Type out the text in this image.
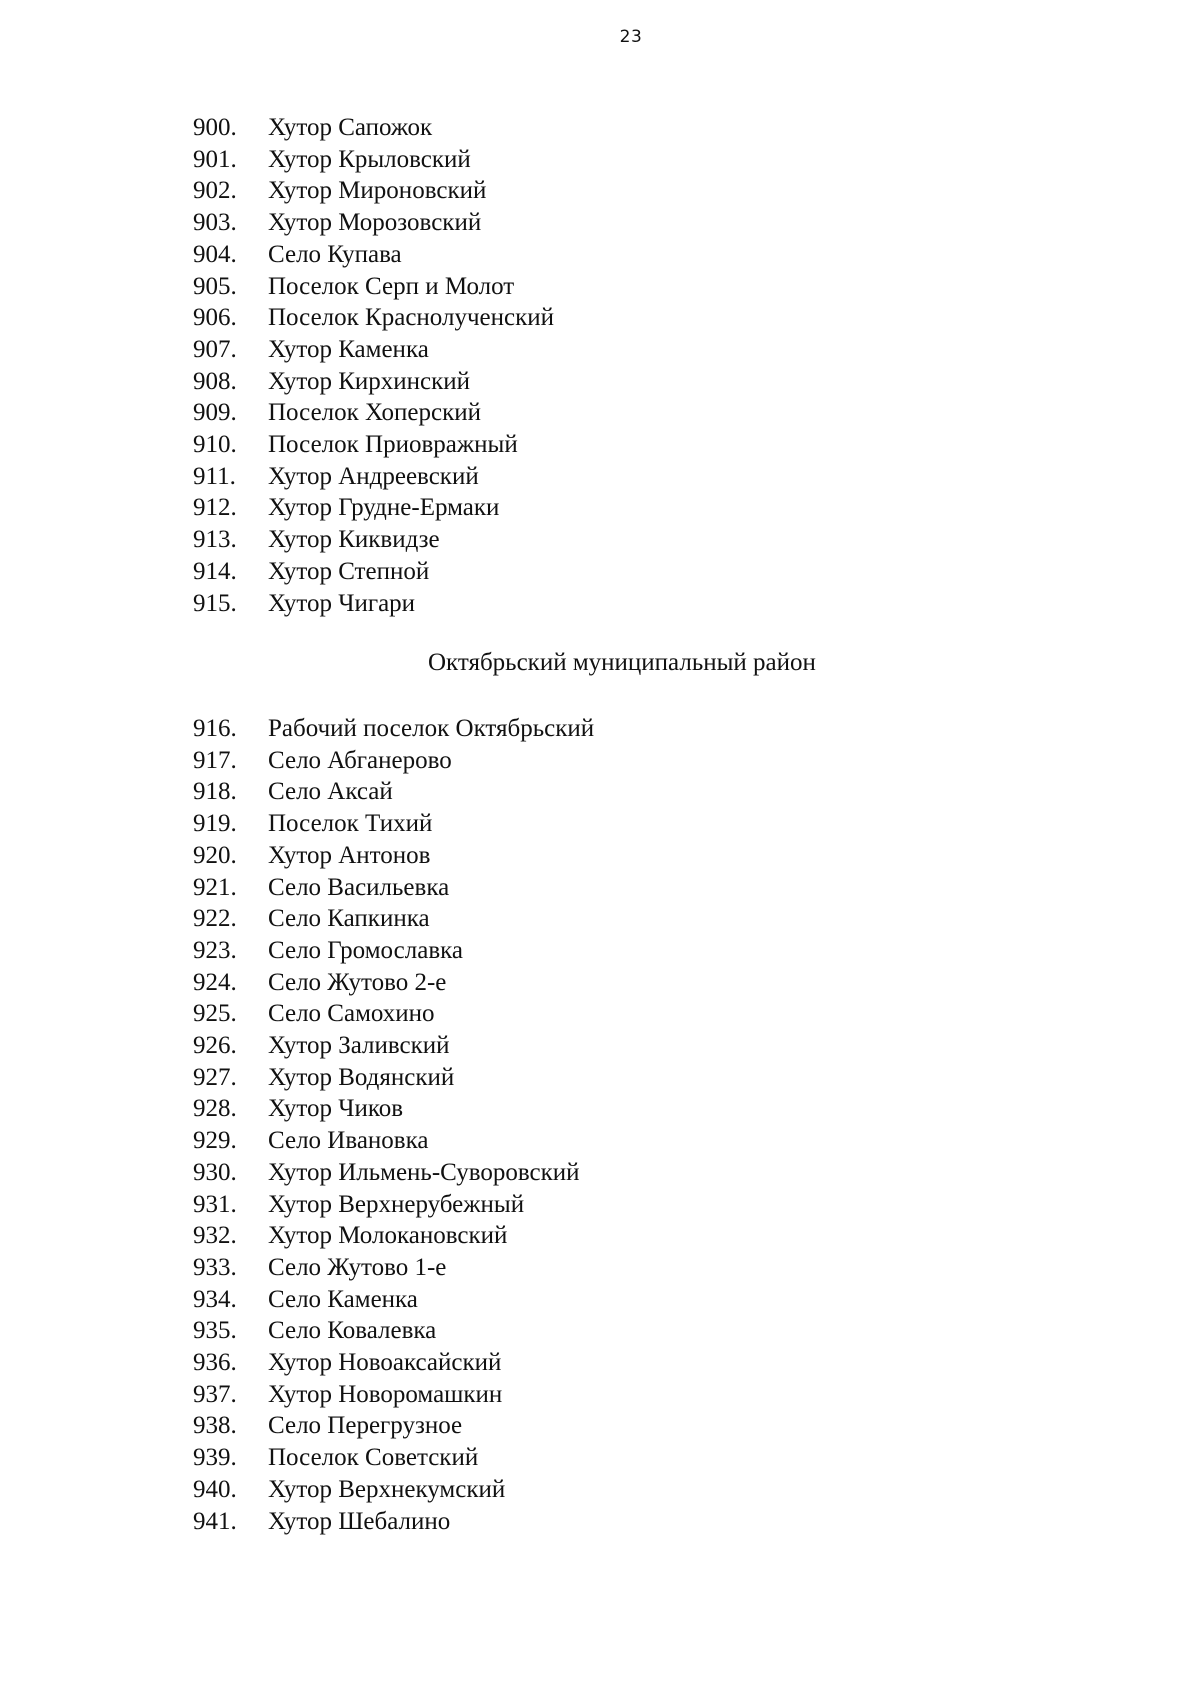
23
900.	Хутор Сапожок
901.	Хутор Крыловский
902.	Хутор Мироновский
903.	Хутор Морозовский
904.	Село Купава
905.	Поселок Серп и Молот
906.	Поселок Краснолученский
907.	Хутор Каменка
908.	Хутор Кирхинский
909.	Поселок Хоперский
910.	Поселок Приовражный
911.	Хутор Андреевский
912.	Хутор Грудне-Ермаки
913.	Хутор Киквидзе
914.	Хутор Степной
915.	Хутор Чигари
Октябрьский муниципальный район
916.	Рабочий поселок Октябрьский
917.	Село Абганерово
918.	Село Аксай
919.	Поселок Тихий
920.	Хутор Антонов
921.	Село Васильевка
922.	Село Капкинка
923.	Село Громославка
924.	Село Жутово 2-е
925.	Село Самохино
926.	Хутор Заливский
927.	Хутор Водянский
928.	Хутор Чиков
929.	Село Ивановка
930.	Хутор Ильмень-Суворовский
931.	Хутор Верхнерубежный
932.	Хутор Молокановский
933.	Село Жутово 1-е
934.	Село Каменка
935.	Село Ковалевка
936.	Хутор Новоаксайский
937.	Хутор Новоромашкин
938.	Село Перегрузное
939.	Поселок Советский
940.	Хутор Верхнекумский
941.	Хутор Шебалино
